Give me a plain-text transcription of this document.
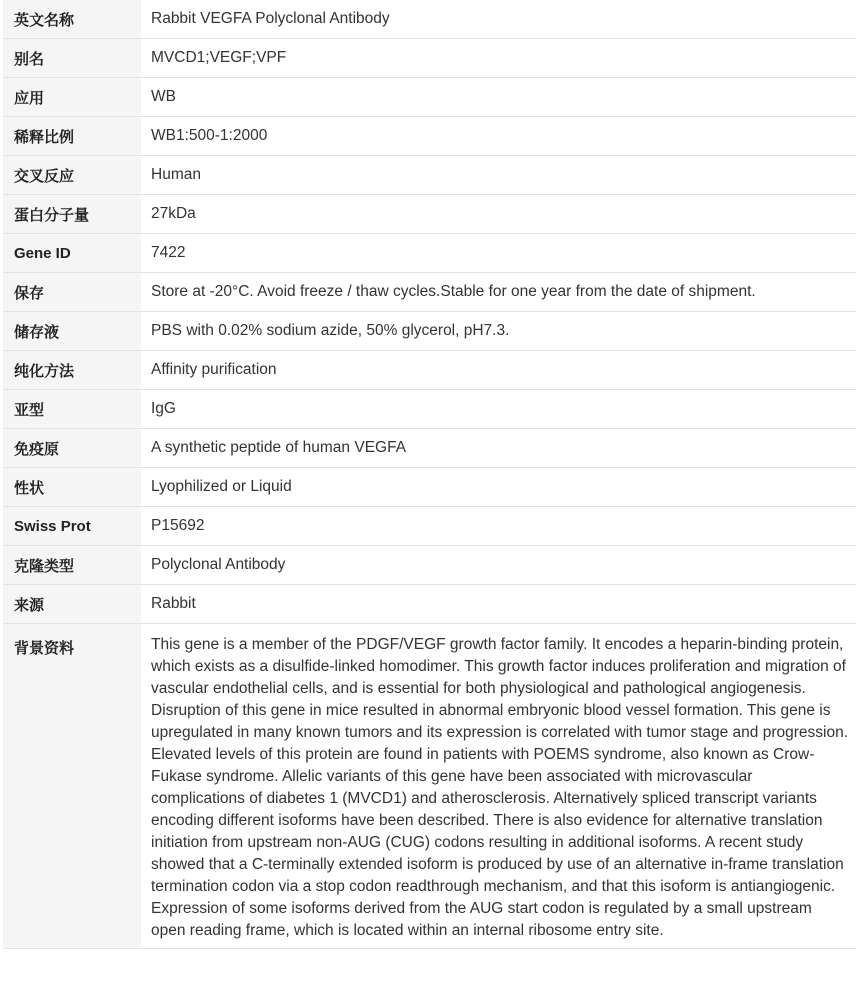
英文名称	Rabbit VEGFA Polyclonal Antibody
别名	MVCD1;VEGF;VPF
应用	WB
稀释比例	WB1:500-1:2000
交叉反应	Human
蛋白分子量	27kDa
Gene ID	7422
保存	Store at -20°C. Avoid freeze / thaw cycles.Stable for one year from the date of shipment.
储存液	PBS with 0.02% sodium azide, 50% glycerol, pH7.3.
纯化方法	Affinity purification
亚型	IgG
免疫原	A synthetic peptide of human VEGFA
性状	Lyophilized or Liquid
Swiss Prot	P15692
克隆类型	Polyclonal Antibody
来源	Rabbit
背景资料	This gene is a member of the PDGF/VEGF growth factor family. It encodes a heparin-binding protein, which exists as a disulfide-linked homodimer. This growth factor induces proliferation and migration of vascular endothelial cells, and is essential for both physiological and pathological angiogenesis. Disruption of this gene in mice resulted in abnormal embryonic blood vessel formation. This gene is upregulated in many known tumors and its expression is correlated with tumor stage and progression. Elevated levels of this protein are found in patients with POEMS syndrome, also known as Crow-Fukase syndrome. Allelic variants of this gene have been associated with microvascular complications of diabetes 1 (MVCD1) and atherosclerosis. Alternatively spliced transcript variants encoding different isoforms have been described. There is also evidence for alternative translation initiation from upstream non-AUG (CUG) codons resulting in additional isoforms. A recent study showed that a C-terminally extended isoform is produced by use of an alternative in-frame translation termination codon via a stop codon readthrough mechanism, and that this isoform is antiangiogenic. Expression of some isoforms derived from the AUG start codon is regulated by a small upstream open reading frame, which is located within an internal ribosome entry site.
